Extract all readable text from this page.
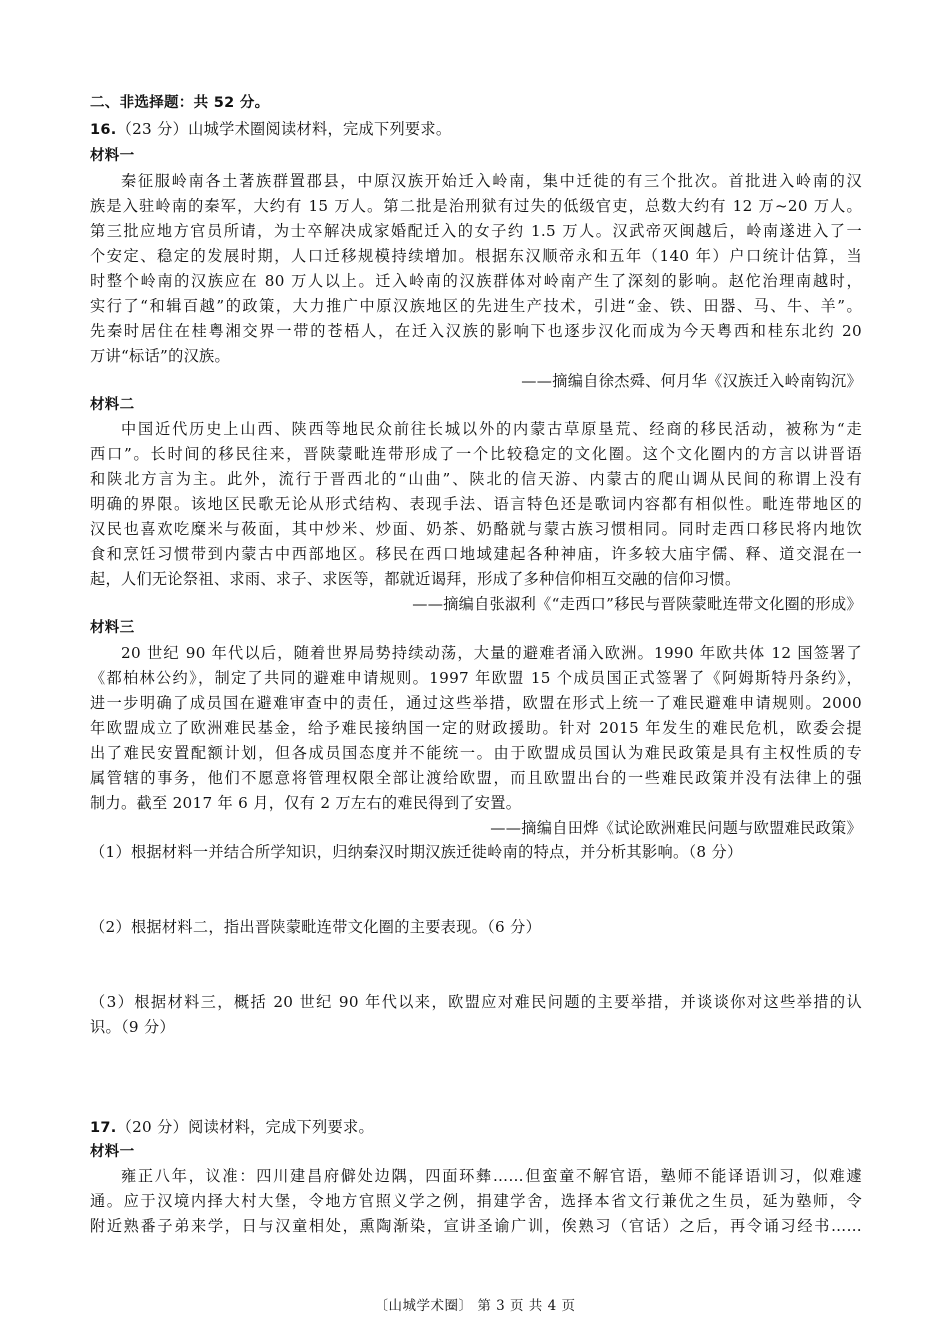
二、非选择题：共 52 分。
16.（23 分）山城学术圈阅读材料，完成下列要求。
材料一
秦征服岭南各土著族群置郡县，中原汉族开始迁入岭南，集中迁徙的有三个批次。首批进入岭南的汉
族是入驻岭南的秦军，大约有 15 万人。第二批是治刑狱有过失的低级官吏，总数大约有 12 万~20 万人。
第三批应地方官员所请，为士卒解决成家婚配迁入的女子约 1.5 万人。汉武帝灭闽越后，岭南遂进入了一
个安定、稳定的发展时期，人口迁移规模持续增加。根据东汉顺帝永和五年（140 年）户口统计估算，当
时整个岭南的汉族应在 80 万人以上。迁入岭南的汉族群体对岭南产生了深刻的影响。赵佗治理南越时，
实行了“和辑百越”的政策，大力推广中原汉族地区的先进生产技术，引进“金、铁、田器、马、牛、羊”。
先秦时居住在桂粤湘交界一带的苍梧人，在迁入汉族的影响下也逐步汉化而成为今天粤西和桂东北约 20
万讲“标话”的汉族。
——摘编自徐杰舜、何月华《汉族迁入岭南钩沉》
材料二
中国近代历史上山西、陕西等地民众前往长城以外的内蒙古草原垦荒、经商的移民活动，被称为“走
西口”。长时间的移民往来，晋陕蒙毗连带形成了一个比较稳定的文化圈。这个文化圈内的方言以讲晋语
和陕北方言为主。此外，流行于晋西北的“山曲”、陕北的信天游、内蒙古的爬山调从民间的称谓上没有
明确的界限。该地区民歌无论从形式结构、表现手法、语言特色还是歌词内容都有相似性。毗连带地区的
汉民也喜欢吃糜米与莜面，其中炒米、炒面、奶茶、奶酪就与蒙古族习惯相同。同时走西口移民将内地饮
食和烹饪习惯带到内蒙古中西部地区。移民在西口地域建起各种神庙，许多较大庙宇儒、释、道交混在一
起，人们无论祭祖、求雨、求子、求医等，都就近谒拜，形成了多种信仰相互交融的信仰习惯。
——摘编自张淑利《“走西口”移民与晋陕蒙毗连带文化圈的形成》
材料三
20 世纪 90 年代以后，随着世界局势持续动荡，大量的避难者涌入欧洲。1990 年欧共体 12 国签署了
《都柏林公约》，制定了共同的避难申请规则。1997 年欧盟 15 个成员国正式签署了《阿姆斯特丹条约》，
进一步明确了成员国在避难审查中的责任，通过这些举措，欧盟在形式上统一了难民避难申请规则。2000
年欧盟成立了欧洲难民基金，给予难民接纳国一定的财政援助。针对 2015 年发生的难民危机，欧委会提
出了难民安置配额计划，但各成员国态度并不能统一。由于欧盟成员国认为难民政策是具有主权性质的专
属管辖的事务，他们不愿意将管理权限全部让渡给欧盟，而且欧盟出台的一些难民政策并没有法律上的强
制力。截至 2017 年 6 月，仅有 2 万左右的难民得到了安置。
——摘编自田烨《试论欧洲难民问题与欧盟难民政策》
（1）根据材料一并结合所学知识，归纳秦汉时期汉族迁徙岭南的特点，并分析其影响。（8 分）
（2）根据材料二，指出晋陕蒙毗连带文化圈的主要表现。（6 分）
（3）根据材料三，概括 20 世纪 90 年代以来，欧盟应对难民问题的主要举措，并谈谈你对这些举措的认
识。（9 分）
17.（20 分）阅读材料，完成下列要求。
材料一
雍正八年，议准：四川建昌府僻处边隅，四面环彝……但蛮童不解官语，塾师不能译语训习，似难遽
通。应于汉境内择大村大堡，令地方官照义学之例，捐建学舍，选择本省文行兼优之生员，延为塾师，令
附近熟番子弟来学，日与汉童相处，熏陶渐染，宣讲圣谕广训，俟熟习（官话）之后，再令诵习经书……
〔山城学术圈〕 第 3 页 共 4 页
